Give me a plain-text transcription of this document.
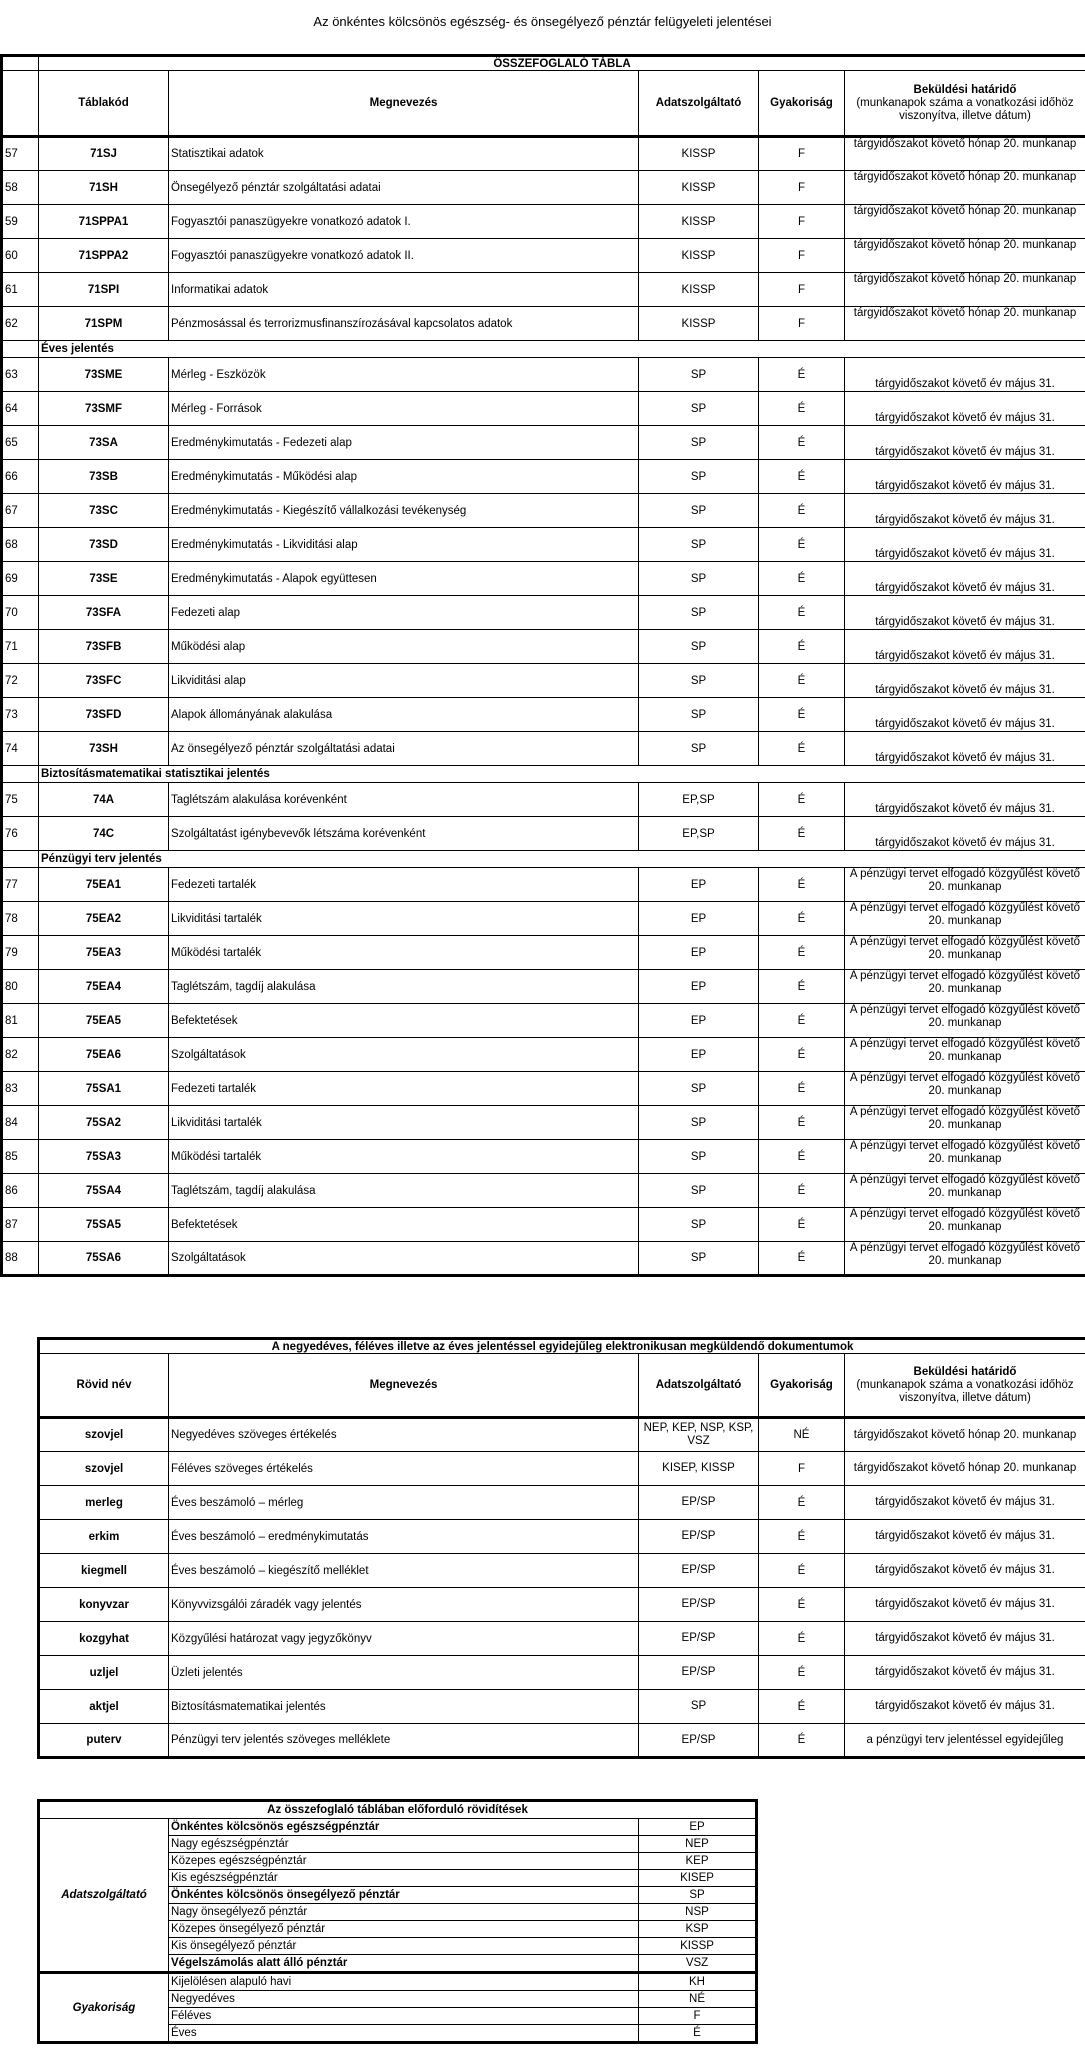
Az önkéntes kölcsönös egészség- és önsegélyező pénztár felügyeleti jelentései
	ÖSSZEFOGLALÓ TÁBLA				
	Táblakód	Megnevezés	Adatszolgáltató	Gyakoriság	Beküldési határidő
(munkanapok száma a vonatkozási időhöz viszonyítva, illetve dátum)
57	71SJ	Statisztikai adatok	KISSP	F	tárgyidőszakot követő hónap 20. munkanap
58	71SH	Önsegélyező pénztár szolgáltatási adatai	KISSP	F	tárgyidőszakot követő hónap 20. munkanap
59	71SPPA1	Fogyasztói panaszügyekre vonatkozó adatok I.	KISSP	F	tárgyidőszakot követő hónap 20. munkanap
60	71SPPA2	Fogyasztói panaszügyekre vonatkozó adatok II.	KISSP	F	tárgyidőszakot követő hónap 20. munkanap
61	71SPI	Informatikai adatok	KISSP	F	tárgyidőszakot követő hónap 20. munkanap
62	71SPM	Pénzmosással és terrorizmusfinanszírozásával kapcsolatos adatok	KISSP	F	tárgyidőszakot követő hónap 20. munkanap
	Éves jelentés				
63	73SME	Mérleg - Eszközök	SP	É	tárgyidőszakot követő év május 31.
64	73SMF	Mérleg - Források	SP	É	tárgyidőszakot követő év május 31.
65	73SA	Eredménykimutatás - Fedezeti alap	SP	É	tárgyidőszakot követő év május 31.
66	73SB	Eredménykimutatás - Működési alap	SP	É	tárgyidőszakot követő év május 31.
67	73SC	Eredménykimutatás - Kiegészítő vállalkozási tevékenység	SP	É	tárgyidőszakot követő év május 31.
68	73SD	Eredménykimutatás - Likviditási alap	SP	É	tárgyidőszakot követő év május 31.
69	73SE	Eredménykimutatás - Alapok együttesen	SP	É	tárgyidőszakot követő év május 31.
70	73SFA	Fedezeti alap	SP	É	tárgyidőszakot követő év május 31.
71	73SFB	Működési alap	SP	É	tárgyidőszakot követő év május 31.
72	73SFC	Likviditási alap	SP	É	tárgyidőszakot követő év május 31.
73	73SFD	Alapok állományának alakulása	SP	É	tárgyidőszakot követő év május 31.
74	73SH	Az önsegélyező pénztár szolgáltatási adatai	SP	É	tárgyidőszakot követő év május 31.
	Biztosításmatematikai statisztikai jelentés				
75	74A	Taglétszám alakulása korévenként	EP,SP	É	tárgyidőszakot követő év május 31.
76	74C	Szolgáltatást igénybevevők létszáma korévenként	EP,SP	É	tárgyidőszakot követő év május 31.
	Pénzügyi terv jelentés				
77	75EA1	Fedezeti tartalék	EP	É	A pénzügyi tervet elfogadó közgyűlést követő 20. munkanap
78	75EA2	Likviditási tartalék	EP	É	A pénzügyi tervet elfogadó közgyűlést követő 20. munkanap
79	75EA3	Működési tartalék	EP	É	A pénzügyi tervet elfogadó közgyűlést követő 20. munkanap
80	75EA4	Taglétszám, tagdíj alakulása	EP	É	A pénzügyi tervet elfogadó közgyűlést követő 20. munkanap
81	75EA5	Befektetések	EP	É	A pénzügyi tervet elfogadó közgyűlést követő 20. munkanap
82	75EA6	Szolgáltatások	EP	É	A pénzügyi tervet elfogadó közgyűlést követő 20. munkanap
83	75SA1	Fedezeti tartalék	SP	É	A pénzügyi tervet elfogadó közgyűlést követő 20. munkanap
84	75SA2	Likviditási tartalék	SP	É	A pénzügyi tervet elfogadó közgyűlést követő 20. munkanap
85	75SA3	Működési tartalék	SP	É	A pénzügyi tervet elfogadó közgyűlést követő 20. munkanap
86	75SA4	Taglétszám, tagdíj alakulása	SP	É	A pénzügyi tervet elfogadó közgyűlést követő 20. munkanap
87	75SA5	Befektetések	SP	É	A pénzügyi tervet elfogadó közgyűlést követő 20. munkanap
88	75SA6	Szolgáltatások	SP	É	A pénzügyi tervet elfogadó közgyűlést követő 20. munkanap
A negyedéves, féléves illetve az éves jelentéssel egyidejűleg elektronikusan megküldendő dokumentumok				
Rövid név	Megnevezés	Adatszolgáltató	Gyakoriság	Beküldési határidő
(munkanapok száma a vonatkozási időhöz viszonyítva, illetve dátum)
szovjel	Negyedéves szöveges értékelés	NEP, KEP, NSP, KSP, VSZ	NÉ	tárgyidőszakot követő hónap 20. munkanap
szovjel	Féléves szöveges értékelés	KISEP, KISSP	F	tárgyidőszakot követő hónap 20. munkanap
merleg	Éves beszámoló – mérleg	EP/SP	É	tárgyidőszakot követő év május 31.
erkim	Éves beszámoló – eredménykimutatás	EP/SP	É	tárgyidőszakot követő év május 31.
kiegmell	Éves beszámoló – kiegészítő melléklet	EP/SP	É	tárgyidőszakot követő év május 31.
konyvzar	Könyvvizsgálói záradék vagy jelentés	EP/SP	É	tárgyidőszakot követő év május 31.
kozgyhat	Közgyűlési határozat vagy jegyzőkönyv	EP/SP	É	tárgyidőszakot követő év május 31.
uzljel	Üzleti jelentés	EP/SP	É	tárgyidőszakot követő év május 31.
aktjel	Biztosításmatematikai jelentés	SP	É	tárgyidőszakot követő év május 31.
puterv	Pénzügyi terv jelentés szöveges melléklete	EP/SP	É	a pénzügyi terv jelentéssel egyidejűleg
Az összefoglaló táblában előforduló rövidítések		
Adatszolgáltató	Önkéntes kölcsönös egészségpénztár	EP
	Nagy egészségpénztár	NEP
	Közepes egészségpénztár	KEP
	Kis egészségpénztár	KISEP
	Önkéntes kölcsönös önsegélyező pénztár	SP
	Nagy önsegélyező pénztár	NSP
	Közepes önsegélyező pénztár	KSP
	Kis önsegélyező pénztár	KISSP
	Végelszámolás alatt álló pénztár	VSZ
Gyakoriság	Kijelölésen alapuló havi	KH
	Negyedéves	NÉ
	Féléves	F
	Éves	É
